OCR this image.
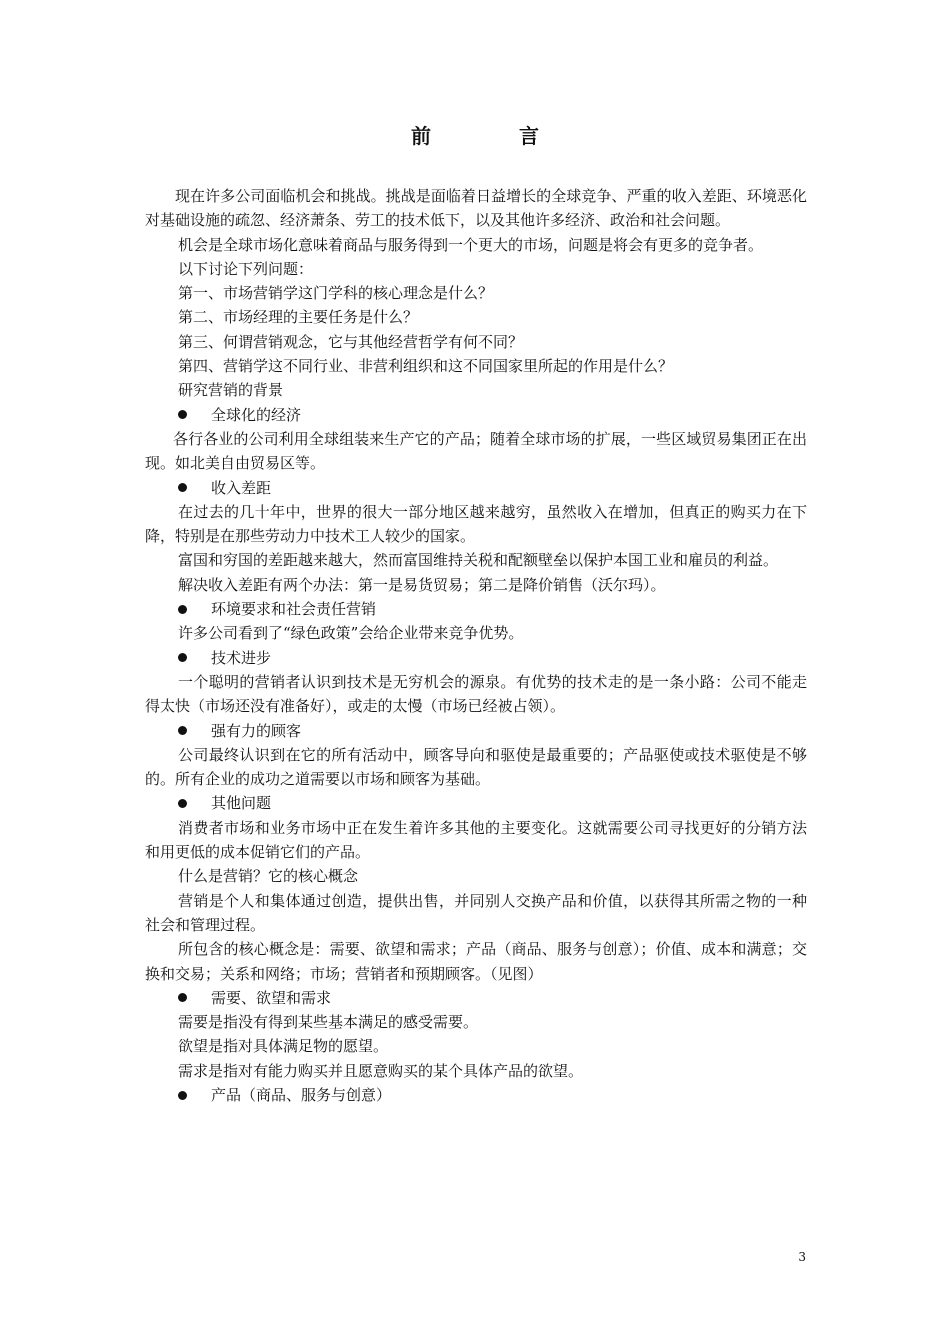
前　言

现在许多公司面临机会和挑战。挑战是面临着日益增长的全球竞争、严重的收入差距、环境恶化对基础设施的疏忽、经济萧条、劳工的技术低下，以及其他许多经济、政治和社会问题。

机会是全球市场化意味着商品与服务得到一个更大的市场，问题是将会有更多的竞争者。

以下讨论下列问题：

第一、市场营销学这门学科的核心理念是什么？

第二、市场经理的主要任务是什么？

第三、何谓营销观念，它与其他经营哲学有何不同？

第四、营销学这不同行业、非营利组织和这不同国家里所起的作用是什么？

研究营销的背景

全球化的经济

各行各业的公司利用全球组装来生产它的产品；随着全球市场的扩展，一些区域贸易集团正在出现。如北美自由贸易区等。

收入差距

在过去的几十年中，世界的很大一部分地区越来越穷，虽然收入在增加，但真正的购买力在下降，特别是在那些劳动力中技术工人较少的国家。

富国和穷国的差距越来越大，然而富国维持关税和配额壁垒以保护本国工业和雇员的利益。

解决收入差距有两个办法：第一是易货贸易；第二是降价销售（沃尔玛）。

环境要求和社会责任营销

许多公司看到了“绿色政策”会给企业带来竞争优势。

技术进步

一个聪明的营销者认识到技术是无穷机会的源泉。有优势的技术走的是一条小路：公司不能走得太快（市场还没有准备好），或走的太慢（市场已经被占领）。

强有力的顾客

公司最终认识到在它的所有活动中，顾客导向和驱使是最重要的；产品驱使或技术驱使是不够的。所有企业的成功之道需要以市场和顾客为基础。

其他问题

消费者市场和业务市场中正在发生着许多其他的主要变化。这就需要公司寻找更好的分销方法和用更低的成本促销它们的产品。

什么是营销？它的核心概念

营销是个人和集体通过创造，提供出售，并同别人交换产品和价值，以获得其所需之物的一种社会和管理过程。

所包含的核心概念是：需要、欲望和需求；产品（商品、服务与创意）；价值、成本和满意；交换和交易；关系和网络；市场；营销者和预期顾客。（见图）

需要、欲望和需求

需要是指没有得到某些基本满足的感受需要。

欲望是指对具体满足物的愿望。

需求是指对有能力购买并且愿意购买的某个具体产品的欲望。

产品（商品、服务与创意）

3
